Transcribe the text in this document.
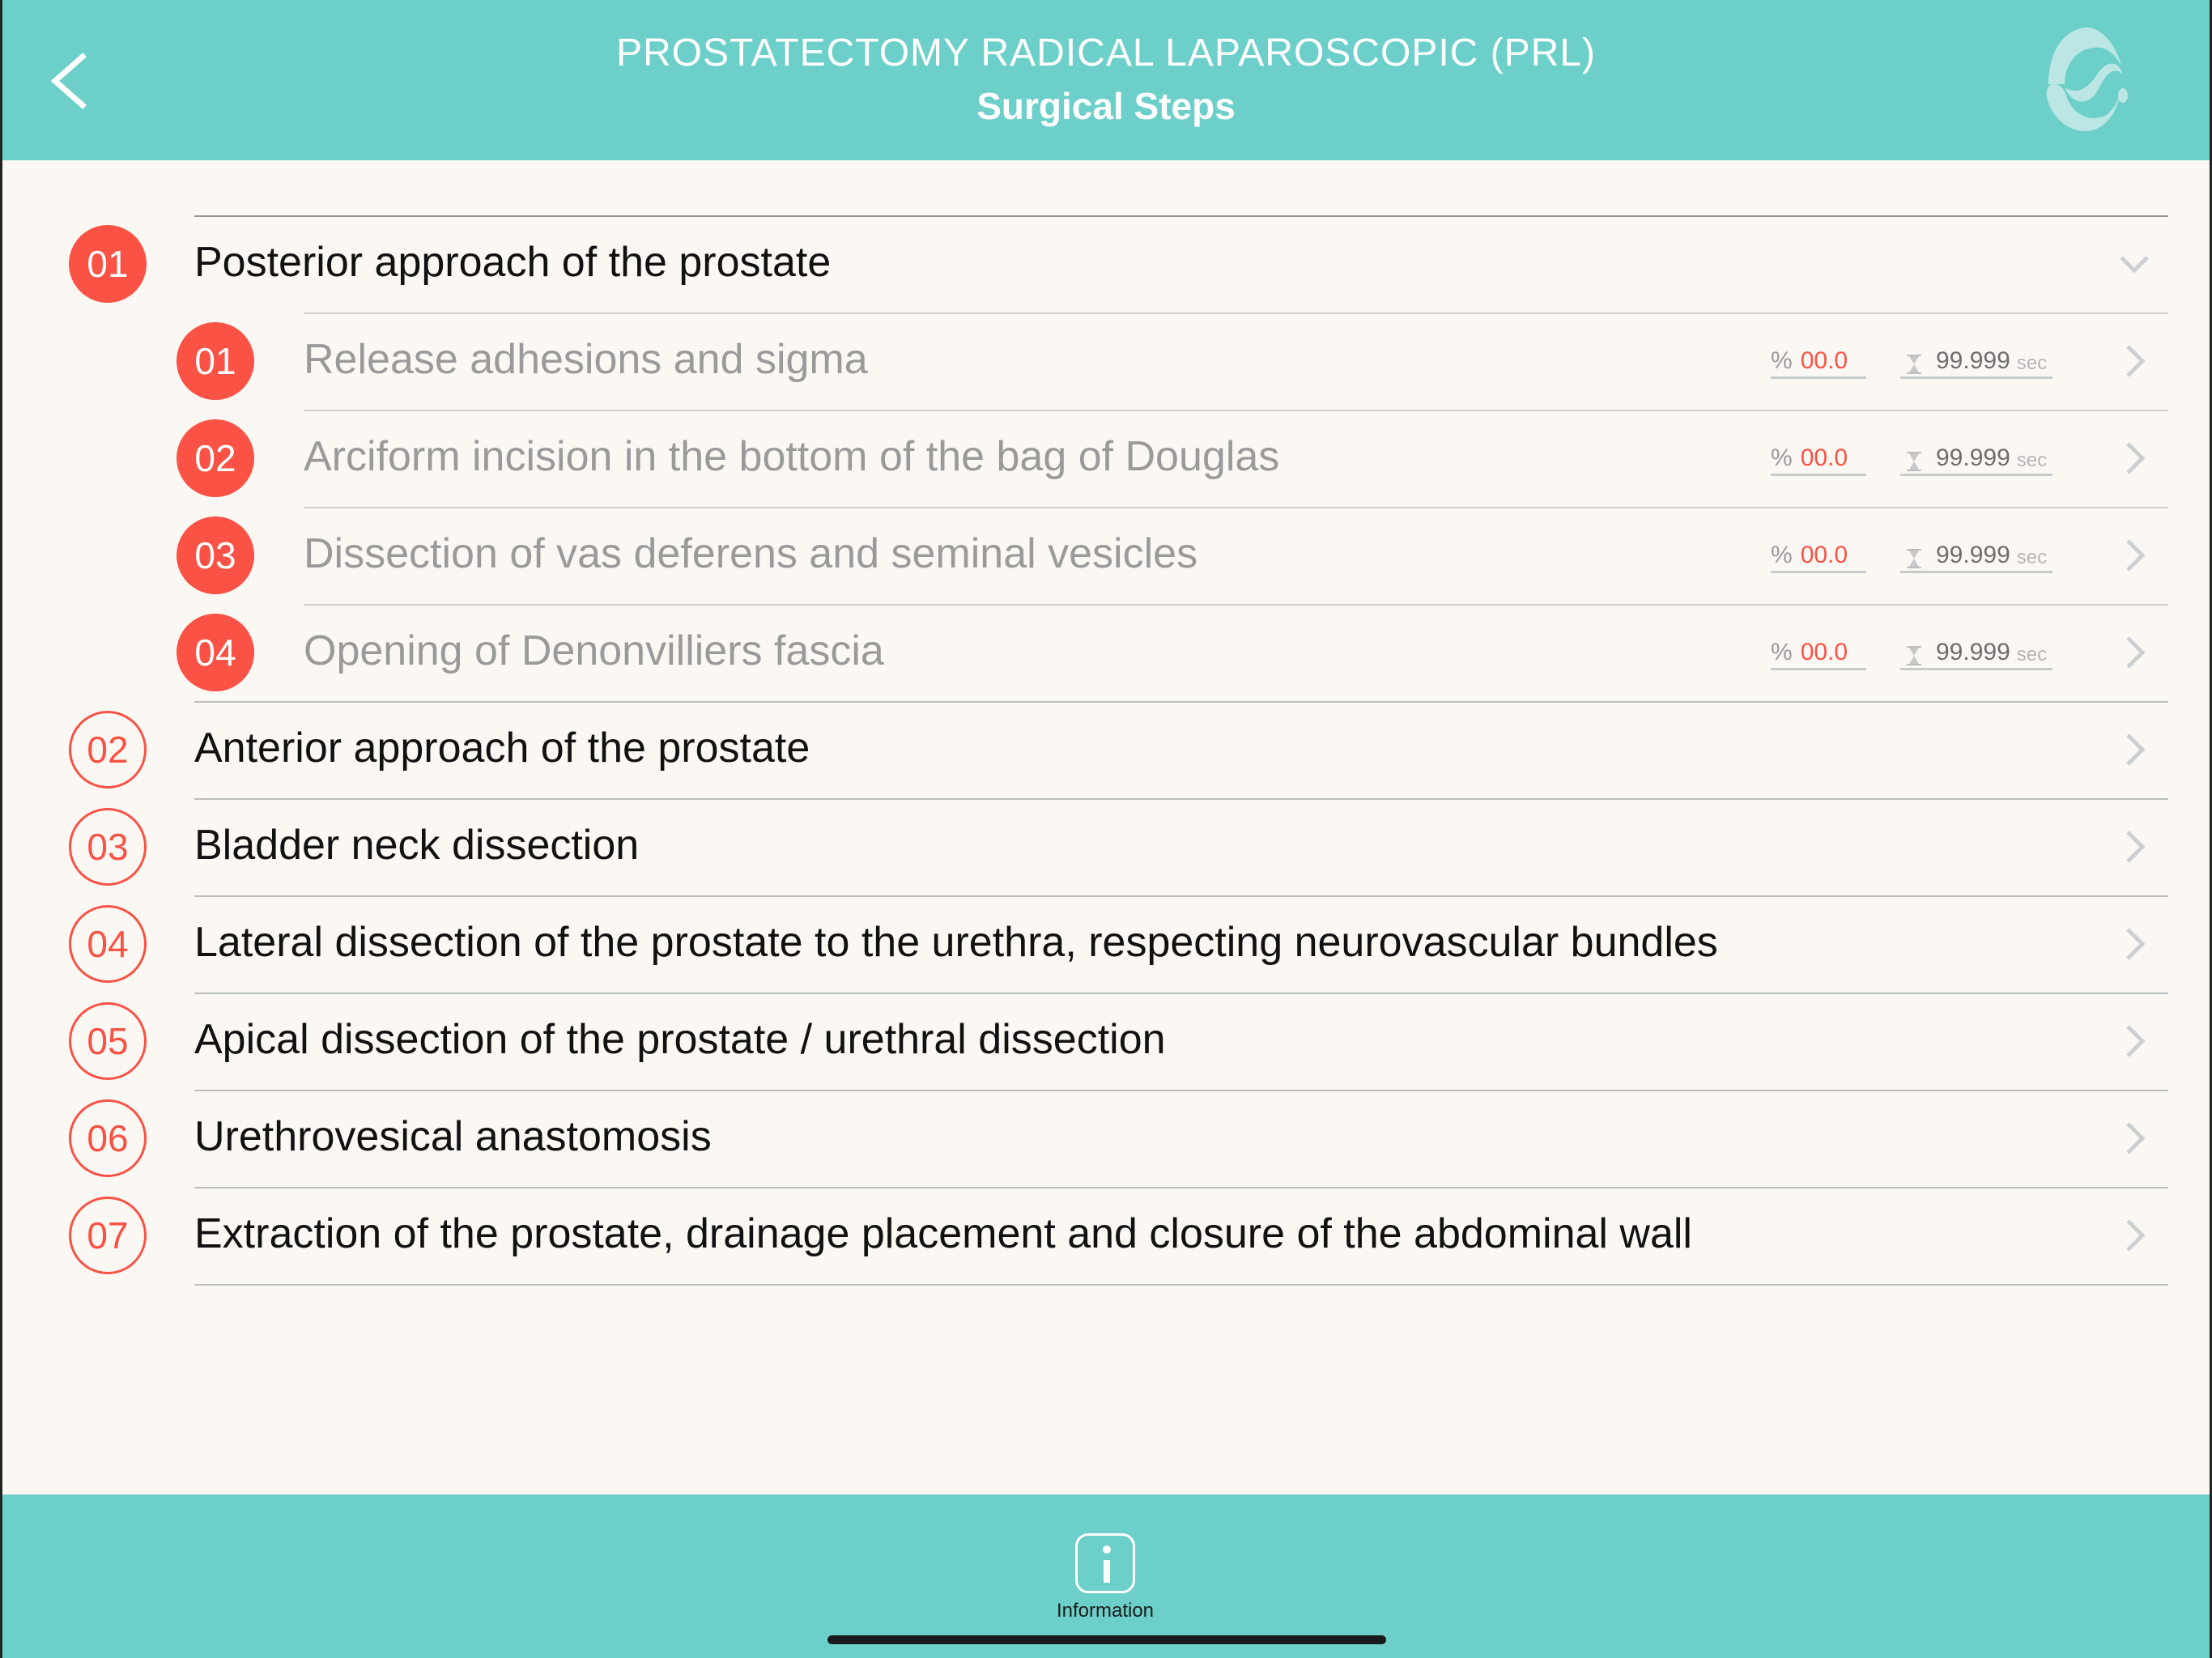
PROSTATECTOMY RADICAL LAPAROSCOPIC (PRL)
Surgical Steps
01	Posterior approach of the prostate
01	Release adhesions and sigma	% 00.0	99.999 sec
02	Arciform incision in the bottom of the bag of Douglas	% 00.0	99.999 sec
03	Dissection of vas deferens and seminal vesicles	% 00.0	99.999 sec
04	Opening of Denonvilliers fascia	% 00.0	99.999 sec
02	Anterior approach of the prostate
03	Bladder neck dissection
04	Lateral dissection of the prostate to the urethra, respecting neurovascular bundles
05	Apical dissection of the prostate / urethral dissection
06	Urethrovesical anastomosis
07	Extraction of the prostate, drainage placement and closure of the abdominal wall
Information
